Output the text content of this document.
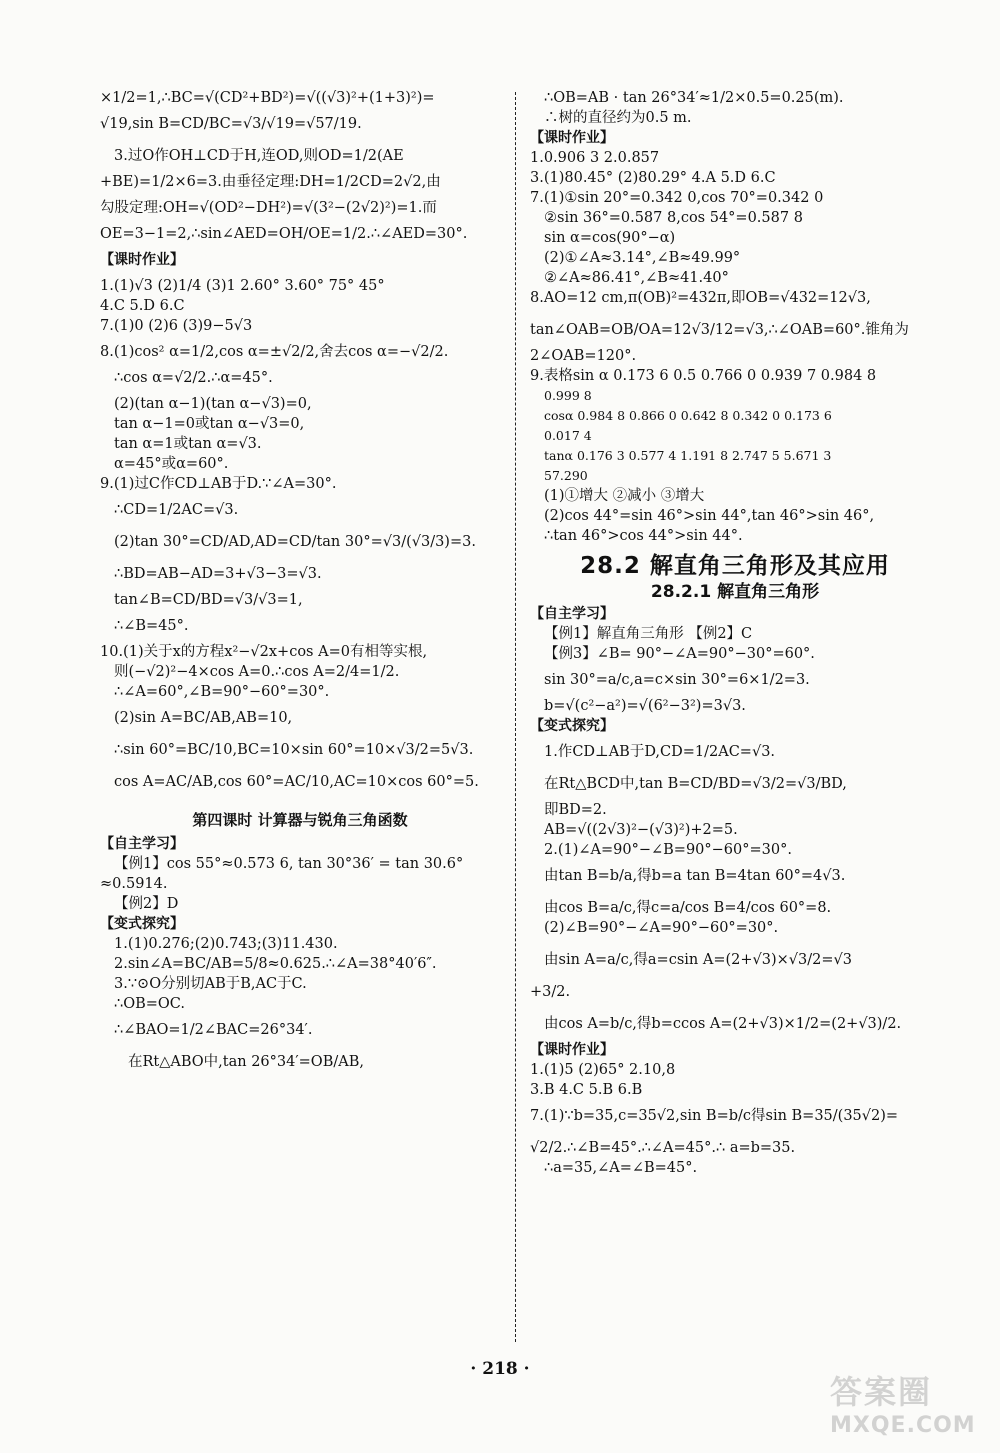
×1/2=1,∴BC=√(CD²+BD²)=√((√3)²+(1+3)²)=
√19,sin B=CD/BC=√3/√19=√57/19.
3.过O作OH⊥CD于H,连OD,则OD=1/2(AE
+BE)=1/2×6=3.由垂径定理:DH=1/2CD=2√2,由
勾股定理:OH=√(OD²−DH²)=√(3²−(2√2)²)=1.而
OE=3−1=2,∴sin∠AED=OH/OE=1/2.∴∠AED=30°.
【课时作业】
1.(1)√3 (2)1/4 (3)1 2.60° 3.60° 75° 45°
4.C 5.D 6.C
7.(1)0 (2)6 (3)9−5√3
8.(1)cos² α=1/2,cos α=±√2/2,舍去cos α=−√2/2.
∴cos α=√2/2.∴α=45°.
(2)(tan α−1)(tan α−√3)=0,
tan α−1=0或tan α−√3=0,
tan α=1或tan α=√3.
α=45°或α=60°.
9.(1)过C作CD⊥AB于D.∵∠A=30°.
∴CD=1/2AC=√3.
(2)tan 30°=CD/AD,AD=CD/tan 30°=√3/(√3/3)=3.
∴BD=AB−AD=3+√3−3=√3.
tan∠B=CD/BD=√3/√3=1,
∴∠B=45°.
10.(1)关于x的方程x²−√2x+cos A=0有相等实根,
则(−√2)²−4×cos A=0.∴cos A=2/4=1/2.
∴∠A=60°,∠B=90°−60°=30°.
(2)sin A=BC/AB,AB=10,
∴sin 60°=BC/10,BC=10×sin 60°=10×√3/2=5√3.
cos A=AC/AB,cos 60°=AC/10,AC=10×cos 60°=5.
第四课时 计算器与锐角三角函数
【自主学习】
【例1】cos 55°≈0.573 6, tan 30°36′ = tan 30.6°
≈0.5914.
【例2】D
【变式探究】
1.(1)0.276;(2)0.743;(3)11.430.
2.sin∠A=BC/AB=5/8≈0.625.∴∠A=38°40′6″.
3.∵⊙O分别切AB于B,AC于C.
∴OB=OC.
∴∠BAO=1/2∠BAC=26°34′.
在Rt△ABO中,tan 26°34′=OB/AB,
∴OB=AB · tan 26°34′≈1/2×0.5=0.25(m).
∴树的直径约为0.5 m.
【课时作业】
1.0.906 3 2.0.857
3.(1)80.45° (2)80.29° 4.A 5.D 6.C
7.(1)①sin 20°=0.342 0,cos 70°=0.342 0
②sin 36°=0.587 8,cos 54°=0.587 8
sin α=cos(90°−α)
(2)①∠A≈3.14°,∠B≈49.99°
②∠A≈86.41°,∠B≈41.40°
8.AO=12 cm,π(OB)²=432π,即OB=√432=12√3,
tan∠OAB=OB/OA=12√3/12=√3,∴∠OAB=60°.锥角为
2∠OAB=120°.
9.表格sin α 0.173 6 0.5 0.766 0 0.939 7 0.984 8
0.999 8
cosα 0.984 8 0.866 0 0.642 8 0.342 0 0.173 6
0.017 4
tanα 0.176 3 0.577 4 1.191 8 2.747 5 5.671 3
57.290
(1)①增大 ②减小 ③增大
(2)cos 44°=sin 46°>sin 44°,tan 46°>sin 46°,
∴tan 46°>cos 44°>sin 44°.
28.2 解直角三角形及其应用
28.2.1 解直角三角形
【自主学习】
【例1】解直角三角形 【例2】C
【例3】∠B= 90°−∠A=90°−30°=60°.
sin 30°=a/c,a=c×sin 30°=6×1/2=3.
b=√(c²−a²)=√(6²−3²)=3√3.
【变式探究】
1.作CD⊥AB于D,CD=1/2AC=√3.
在Rt△BCD中,tan B=CD/BD=√3/2=√3/BD,
即BD=2.
AB=√((2√3)²−(√3)²)+2=5.
2.(1)∠A=90°−∠B=90°−60°=30°.
由tan B=b/a,得b=a tan B=4tan 60°=4√3.
由cos B=a/c,得c=a/cos B=4/cos 60°=8.
(2)∠B=90°−∠A=90°−60°=30°.
由sin A=a/c,得a=csin A=(2+√3)×√3/2=√3
+3/2.
由cos A=b/c,得b=ccos A=(2+√3)×1/2=(2+√3)/2.
【课时作业】
1.(1)5 (2)65° 2.10,8
3.B 4.C 5.B 6.B
7.(1)∵b=35,c=35√2,sin B=b/c得sin B=35/(35√2)=
√2/2.∴∠B=45°.∴∠A=45°.∴ a=b=35.
∴a=35,∠A=∠B=45°.
· 218 ·
答案圈
MXQE.COM
